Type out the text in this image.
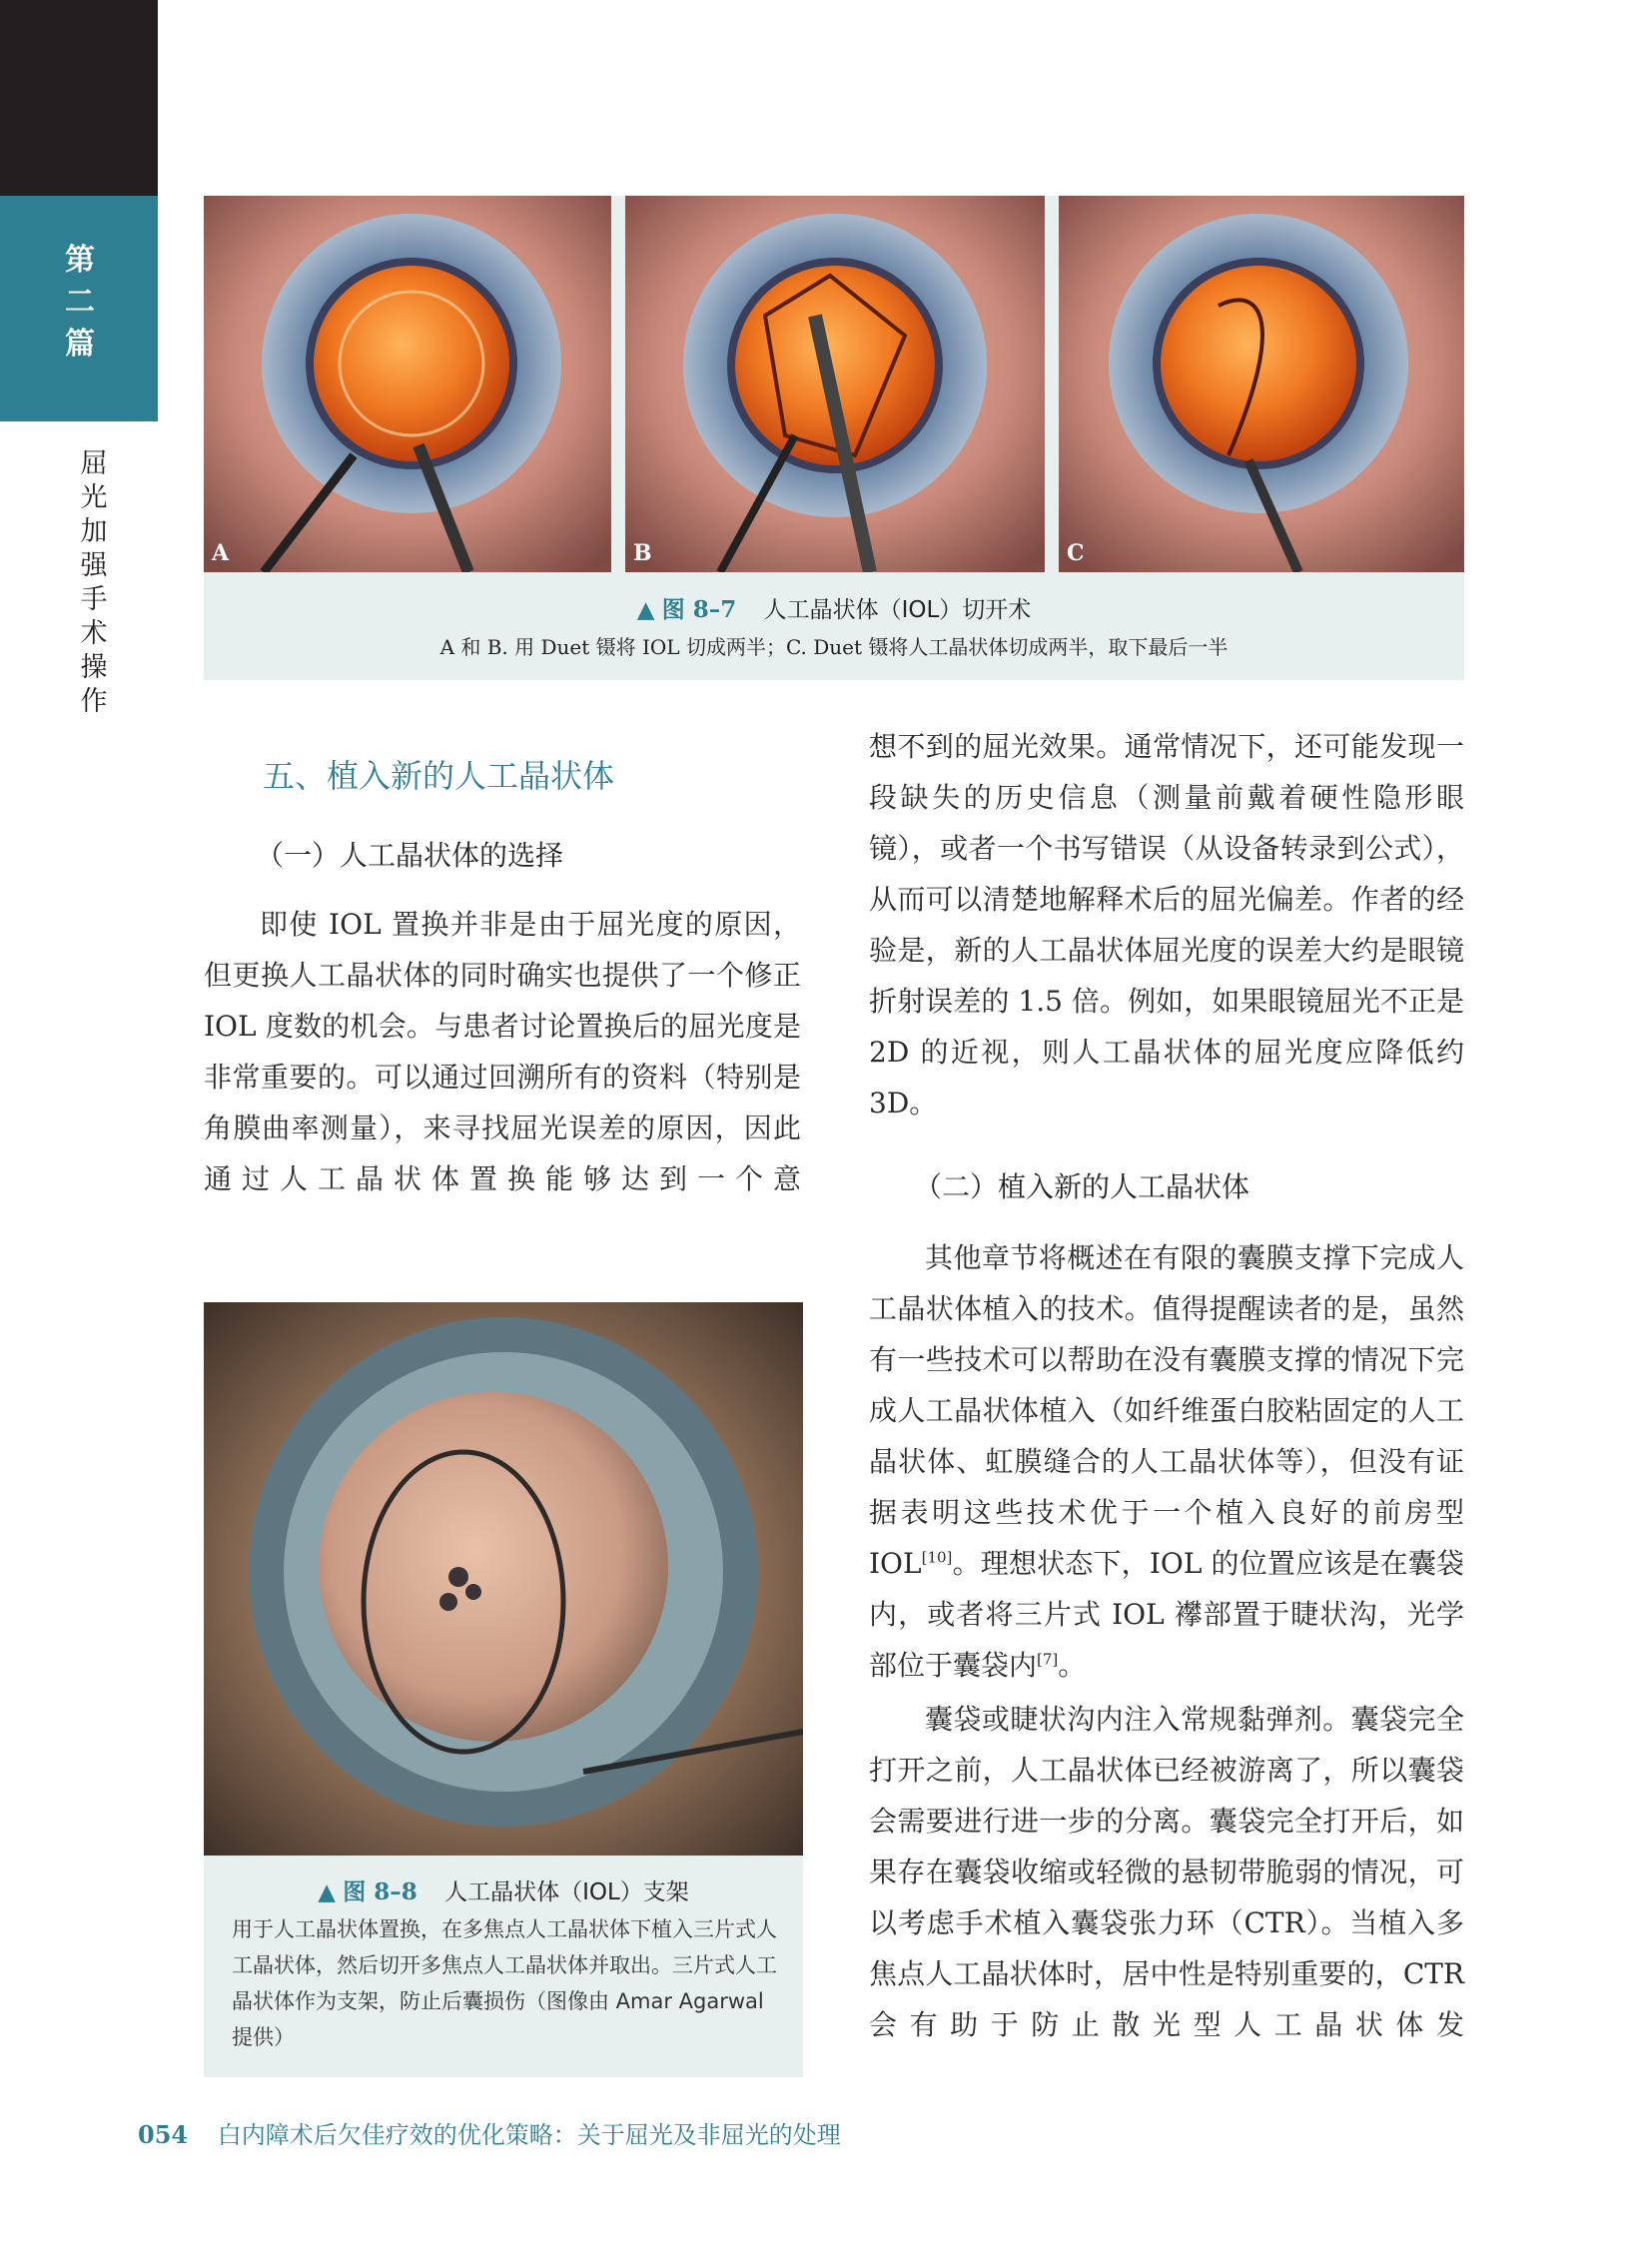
第二篇
屈光加强手术操作
A	B	C
▲ 图 8–7 人工晶状体（IOL）切开术
A 和 B. 用 Duet 镊将 IOL 切成两半；C. Duet 镊将人工晶状体切成两半，取下最后一半
五、植入新的人工晶状体
（一）人工晶状体的选择
即使 IOL 置换并非是由于屈光度的原因，但更换人工晶状体的同时确实也提供了一个修正 IOL 度数的机会。与患者讨论置换后的屈光度是非常重要的。可以通过回溯所有的资料（特别是角膜曲率测量），来寻找屈光误差的原因，因此通过人工晶状体置换能够达到一个意
想不到的屈光效果。通常情况下，还可能发现一段缺失的历史信息（测量前戴着硬性隐形眼镜），或者一个书写错误（从设备转录到公式），从而可以清楚地解释术后的屈光偏差。作者的经验是，新的人工晶状体屈光度的误差大约是眼镜折射误差的 1.5 倍。例如，如果眼镜屈光不正是 2D 的近视，则人工晶状体的屈光度应降低约 3D。
（二）植入新的人工晶状体
其他章节将概述在有限的囊膜支撑下完成人工晶状体植入的技术。值得提醒读者的是，虽然有一些技术可以帮助在没有囊膜支撑的情况下完成人工晶状体植入（如纤维蛋白胶粘固定的人工晶状体、虹膜缝合的人工晶状体等），但没有证据表明这些技术优于一个植入良好的前房型 IOL[10]。理想状态下，IOL 的位置应该是在囊袋内，或者将三片式 IOL 襻部置于睫状沟，光学部位于囊袋内[7]。
囊袋或睫状沟内注入常规黏弹剂。囊袋完全打开之前，人工晶状体已经被游离了，所以囊袋会需要进行进一步的分离。囊袋完全打开后，如果存在囊袋收缩或轻微的悬韧带脆弱的情况，可以考虑手术植入囊袋张力环（CTR）。当植入多焦点人工晶状体时，居中性是特别重要的，CTR 会有助于防止散光型人工晶状体发
▲ 图 8–8 人工晶状体（IOL）支架
用于人工晶状体置换，在多焦点人工晶状体下植入三片式人工晶状体，然后切开多焦点人工晶状体并取出。三片式人工晶状体作为支架，防止后囊损伤（图像由 Amar Agarwal 提供）
054 白内障术后欠佳疗效的优化策略：关于屈光及非屈光的处理
